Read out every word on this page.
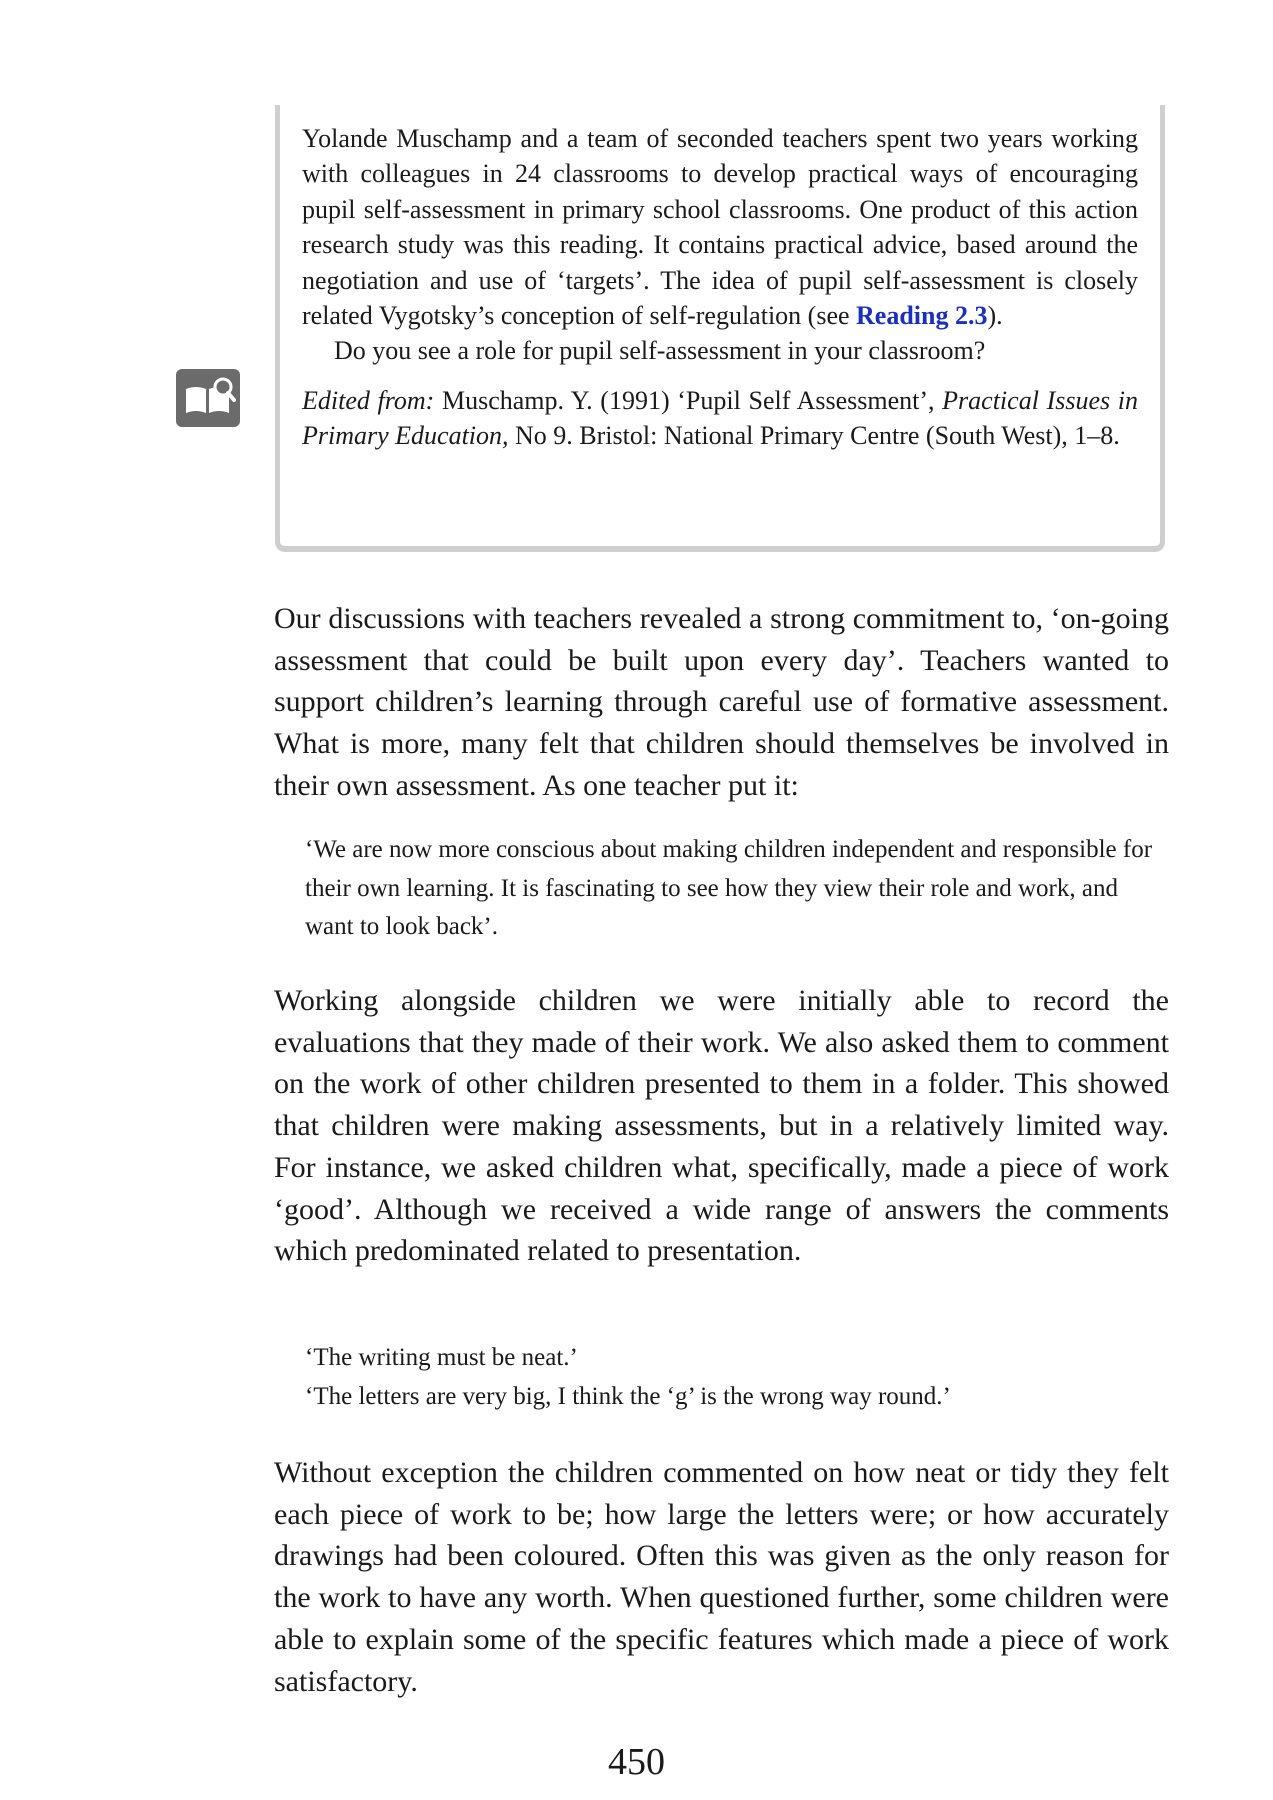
Yolande Muschamp and a team of seconded teachers spent two years working with colleagues in 24 classrooms to develop practical ways of encouraging pupil self-assessment in primary school classrooms. One product of this action research study was this reading. It contains practical advice, based around the negotiation and use of ‘targets’. The idea of pupil self-assessment is closely related Vygotsky’s conception of self-regulation (see Reading 2.3).

Do you see a role for pupil self-assessment in your classroom?

Edited from: Muschamp. Y. (1991) ‘Pupil Self Assessment’, Practical Issues in Primary Education, No 9. Bristol: National Primary Centre (South West), 1–8.

Our discussions with teachers revealed a strong commitment to, ‘on-going assessment that could be built upon every day’. Teachers wanted to support children’s learning through careful use of formative assessment. What is more, many felt that children should themselves be involved in their own assessment. As one teacher put it:

‘We are now more conscious about making children independent and responsible for their own learning. It is fascinating to see how they view their role and work, and want to look back’.

Working alongside children we were initially able to record the evaluations that they made of their work. We also asked them to comment on the work of other children presented to them in a folder. This showed that children were making assessments, but in a relatively limited way. For instance, we asked children what, specifically, made a piece of work ‘good’. Although we received a wide range of answers the comments which predominated related to presentation.

‘The writing must be neat.’

‘The letters are very big, I think the ‘g’ is the wrong way round.’

Without exception the children commented on how neat or tidy they felt each piece of work to be; how large the letters were; or how accurately drawings had been coloured. Often this was given as the only reason for the work to have any worth. When questioned further, some children were able to explain some of the specific features which made a piece of work satisfactory.

450
